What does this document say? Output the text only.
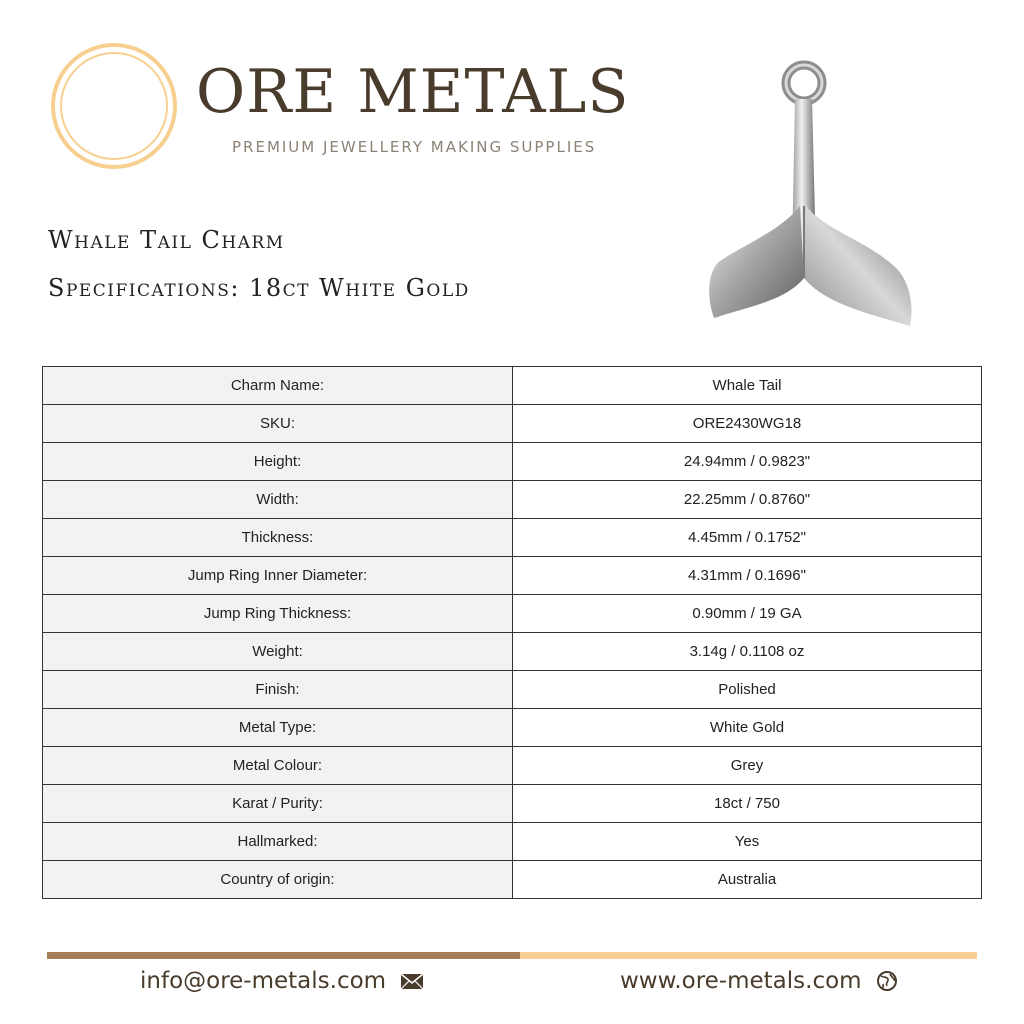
ORE METALS
PREMIUM JEWELLERY MAKING SUPPLIES
Whale Tail Charm
Specifications: 18ct White Gold
Charm Name:	Whale Tail
SKU:	ORE2430WG18
Height:	24.94mm / 0.9823"
Width:	22.25mm / 0.8760"
Thickness:	4.45mm / 0.1752"
Jump Ring Inner Diameter:	4.31mm / 0.1696"
Jump Ring Thickness:	0.90mm / 19 GA
Weight:	3.14g / 0.1108 oz
Finish:	Polished
Metal Type:	White Gold
Metal Colour:	Grey
Karat / Purity:	18ct / 750
Hallmarked:	Yes
Country of origin:	Australia
info@ore-metals.com	www.ore-metals.com
